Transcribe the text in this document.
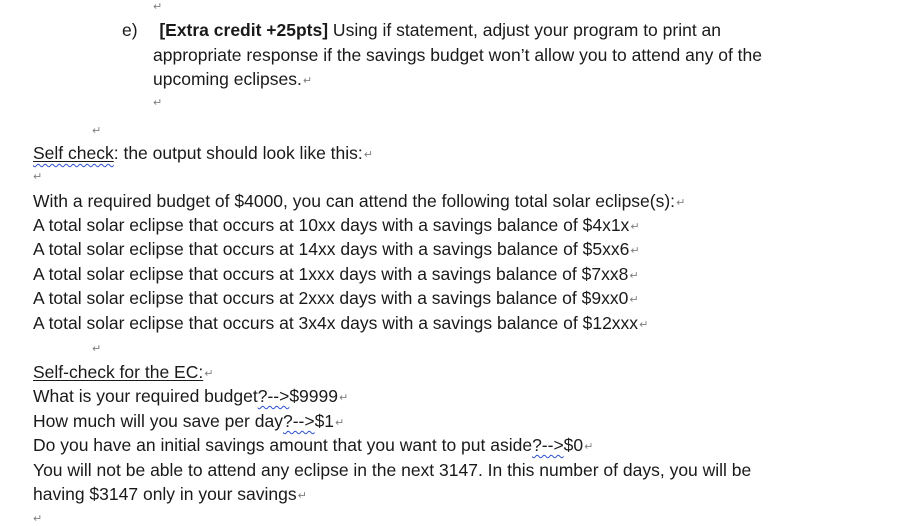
↵
e) [Extra credit +25pts] Using if statement, adjust your program to print an
appropriate response if the savings budget won’t allow you to attend any of the
upcoming eclipses.↵
↵
↵
Self check: the output should look like this:↵
↵
With a required budget of $4000, you can attend the following total solar eclipse(s):↵
A total solar eclipse that occurs at 10xx days with a savings balance of $4x1x↵
A total solar eclipse that occurs at 14xx days with a savings balance of $5xx6↵
A total solar eclipse that occurs at 1xxx days with a savings balance of $7xx8↵
A total solar eclipse that occurs at 2xxx days with a savings balance of $9xx0↵
A total solar eclipse that occurs at 3x4x days with a savings balance of $12xxx↵
↵
Self-check for the EC:↵
What is your required budget?-->$9999↵
How much will you save per day?-->$1↵
Do you have an initial savings amount that you want to put aside?-->$0↵
You will not be able to attend any eclipse in the next 3147. In this number of days, you will be
having $3147 only in your savings↵
↵
